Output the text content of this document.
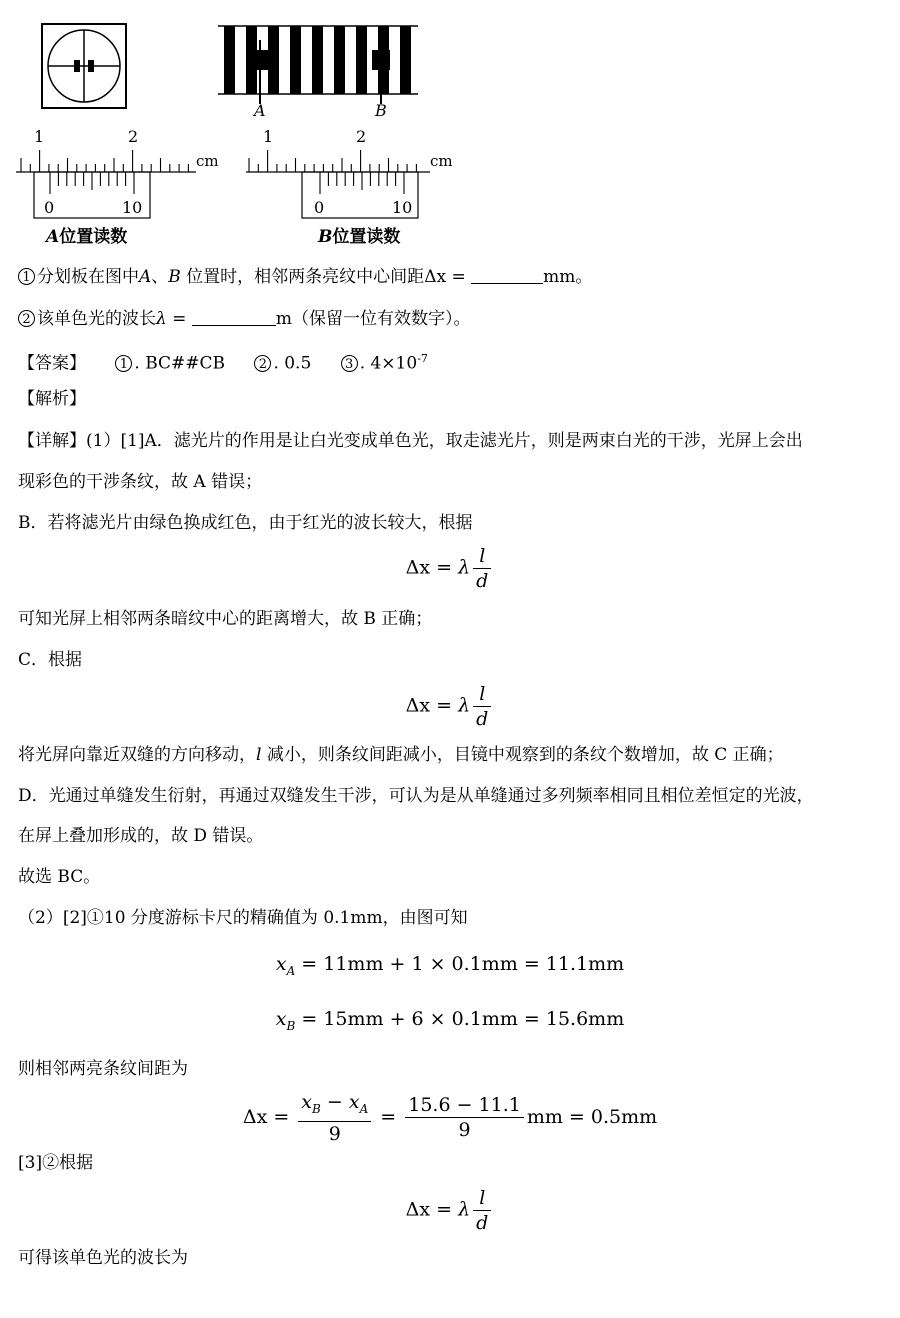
A	B
1	2
cm
0	10
A位置读数
1	2
cm
0	10
B位置读数
1 分划板在图中A、B 位置时，相邻两条亮纹中心间距Δx =	mm。
2 该单色光的波长λ =	m（保留一位有效数字）。
【答案】	1 . BC##CB	2 . 0.5	3 . $4\times 10^{-7}$
【解析】
【详解】(1）[1]A．滤光片的作用是让白光变成单色光，取走滤光片，则是两束白光的干涉，光屏上会出
现彩色的干涉条纹，故 A 错误；
B．若将滤光片由绿色换成红色，由于红光的波长较大，根据
Δx = λ $\frac{l}{d}$
可知光屏上相邻两条暗纹中心的距离增大，故 B 正确；
C．根据
Δx = λ $\frac{l}{d}$
将光屏向靠近双缝的方向移动，l 减小，则条纹间距减小，目镜中观察到的条纹个数增加，故 C 正确；
D．光通过单缝发生衍射，再通过双缝发生干涉，可认为是从单缝通过多列频率相同且相位差恒定的光波，
在屏上叠加形成的，故 D 错误。
故选 BC。
（2）[2]①10 分度游标卡尺的精确值为 0.1mm，由图可知
$x_A = 11mm + 1 \times 0.1mm = 11.1mm$
$x_B = 15mm + 6 \times 0.1mm = 15.6mm$
则相邻两亮条纹间距为
$\Delta x = \frac{x_B - x_A}{9} = \frac{15.6 - 11.1}{9}$ mm = 0.5mm
[3]②根据
Δx = λ $\frac{l}{d}$
可得该单色光的波长为
